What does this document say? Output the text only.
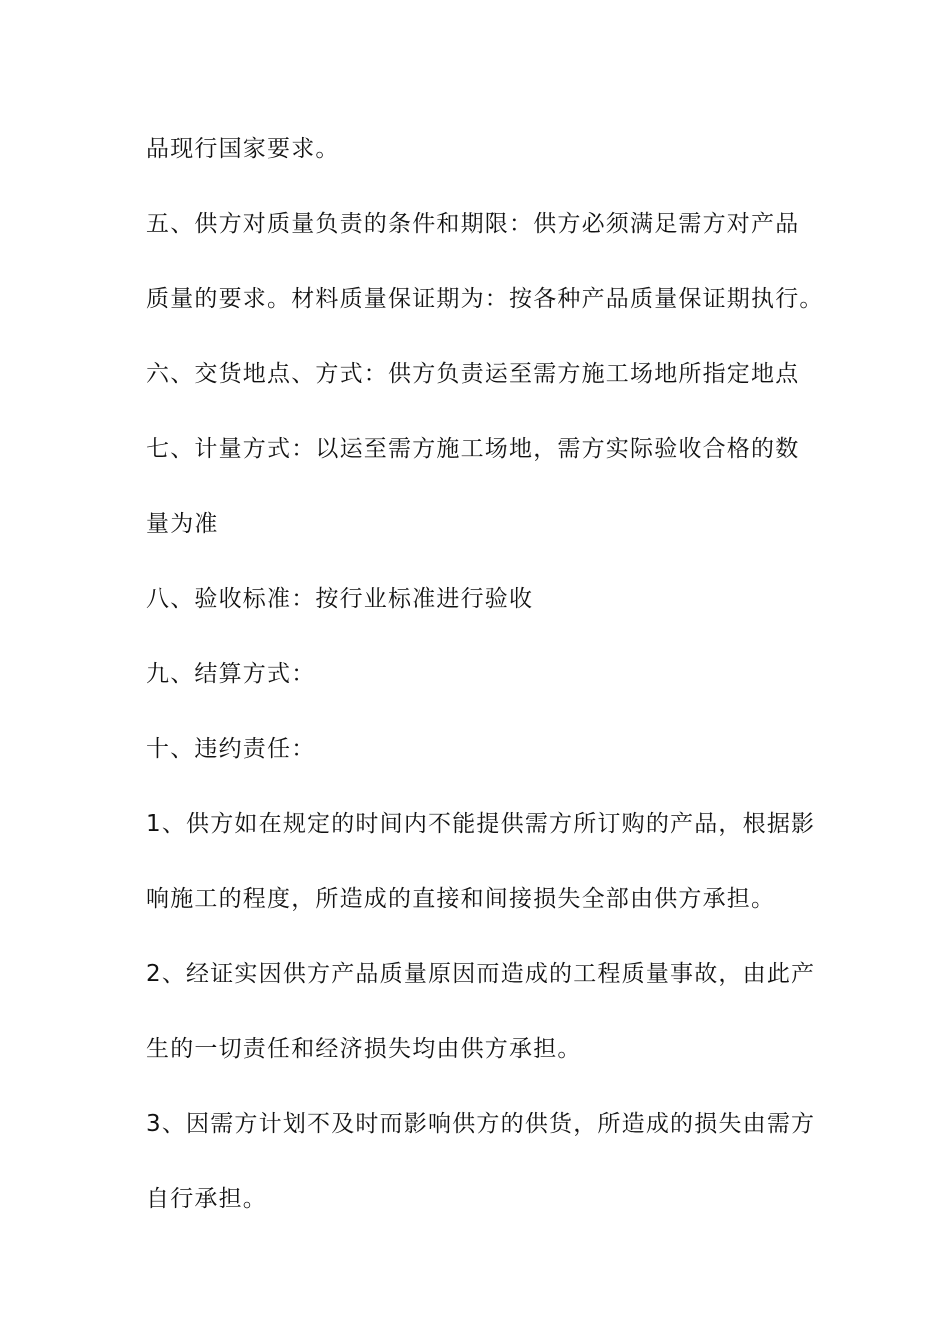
品现行国家要求。

五、供方对质量负责的条件和期限：供方必须满足需方对产品

质量的要求。材料质量保证期为：按各种产品质量保证期执行。

六、交货地点、方式：供方负责运至需方施工场地所指定地点

七、计量方式：以运至需方施工场地，需方实际验收合格的数

量为准

八、验收标准：按行业标准进行验收

九、结算方式：

十、违约责任：

1、供方如在规定的时间内不能提供需方所订购的产品，根据影

响施工的程度，所造成的直接和间接损失全部由供方承担。

2、经证实因供方产品质量原因而造成的工程质量事故，由此产

生的一切责任和经济损失均由供方承担。

3、因需方计划不及时而影响供方的供货，所造成的损失由需方

自行承担。
